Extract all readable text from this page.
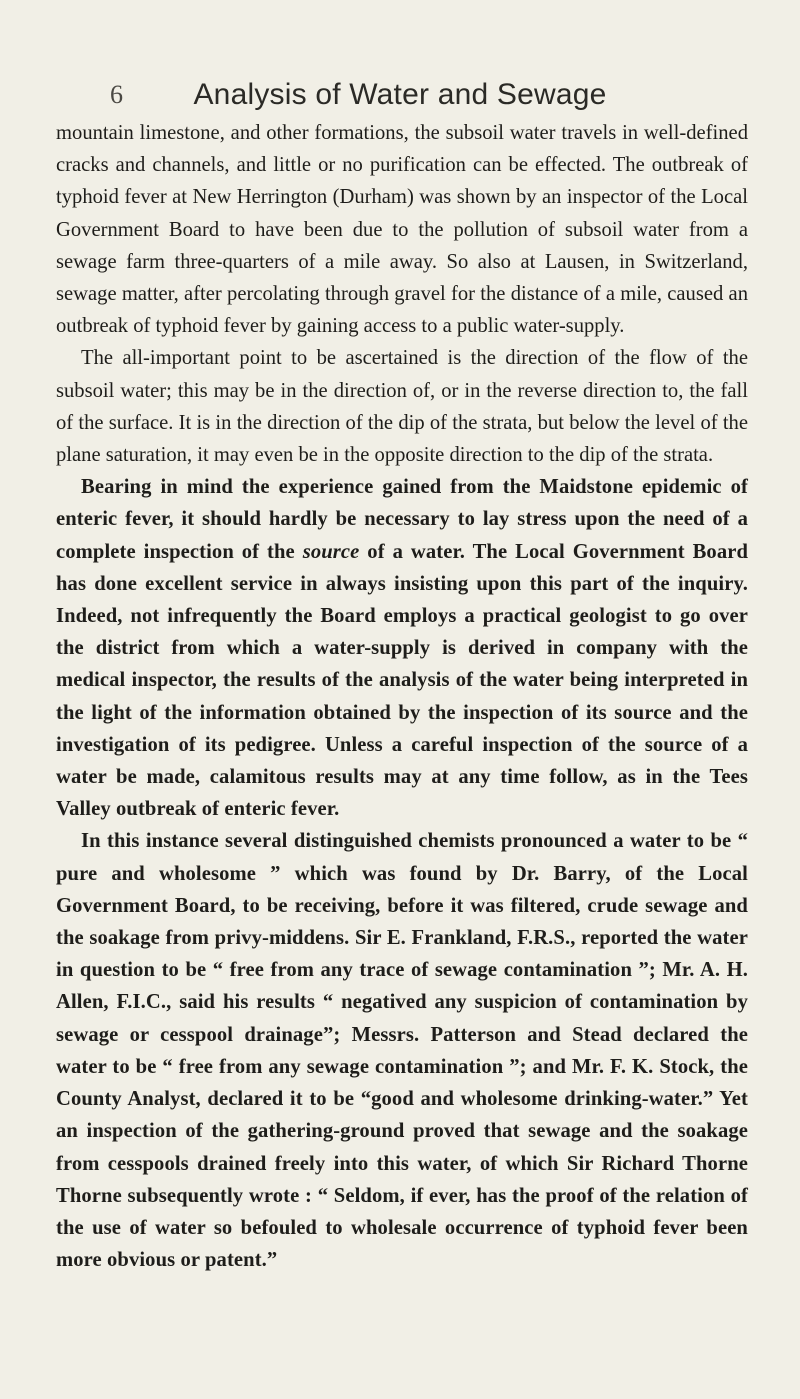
6	Analysis of Water and Sewage

mountain limestone, and other formations, the subsoil water travels in well-defined cracks and channels, and little or no purification can be effected. The outbreak of typhoid fever at New Herrington (Durham) was shown by an inspector of the Local Government Board to have been due to the pollution of subsoil water from a sewage farm three-quarters of a mile away. So also at Lausen, in Switzerland, sewage matter, after percolating through gravel for the distance of a mile, caused an outbreak of typhoid fever by gaining access to a public water-supply.

The all-important point to be ascertained is the direction of the flow of the subsoil water; this may be in the direction of, or in the reverse direction to, the fall of the surface. It is in the direction of the dip of the strata, but below the level of the plane saturation, it may even be in the opposite direction to the dip of the strata.

Bearing in mind the experience gained from the Maidstone epidemic of enteric fever, it should hardly be necessary to lay stress upon the need of a complete inspection of the source of a water. The Local Government Board has done excellent service in always insisting upon this part of the inquiry. Indeed, not infrequently the Board employs a practical geologist to go over the district from which a water-supply is derived in company with the medical inspector, the results of the analysis of the water being interpreted in the light of the information obtained by the inspection of its source and the investigation of its pedigree. Unless a careful inspection of the source of a water be made, calamitous results may at any time follow, as in the Tees Valley outbreak of enteric fever.

In this instance several distinguished chemists pronounced a water to be “ pure and wholesome ” which was found by Dr. Barry, of the Local Government Board, to be receiving, before it was filtered, crude sewage and the soakage from privy-middens. Sir E. Frankland, F.R.S., reported the water in question to be “ free from any trace of sewage contamination ”; Mr. A. H. Allen, F.I.C., said his results “ negatived any suspicion of contamination by sewage or cesspool drainage”; Messrs. Patterson and Stead declared the water to be “ free from any sewage contamination ”; and Mr. F. K. Stock, the County Analyst, declared it to be “good and wholesome drinking-water.” Yet an inspection of the gathering-ground proved that sewage and the soakage from cesspools drained freely into this water, of which Sir Richard Thorne Thorne subsequently wrote : “ Seldom, if ever, has the proof of the relation of the use of water so befouled to wholesale occurrence of typhoid fever been more obvious or patent.”
